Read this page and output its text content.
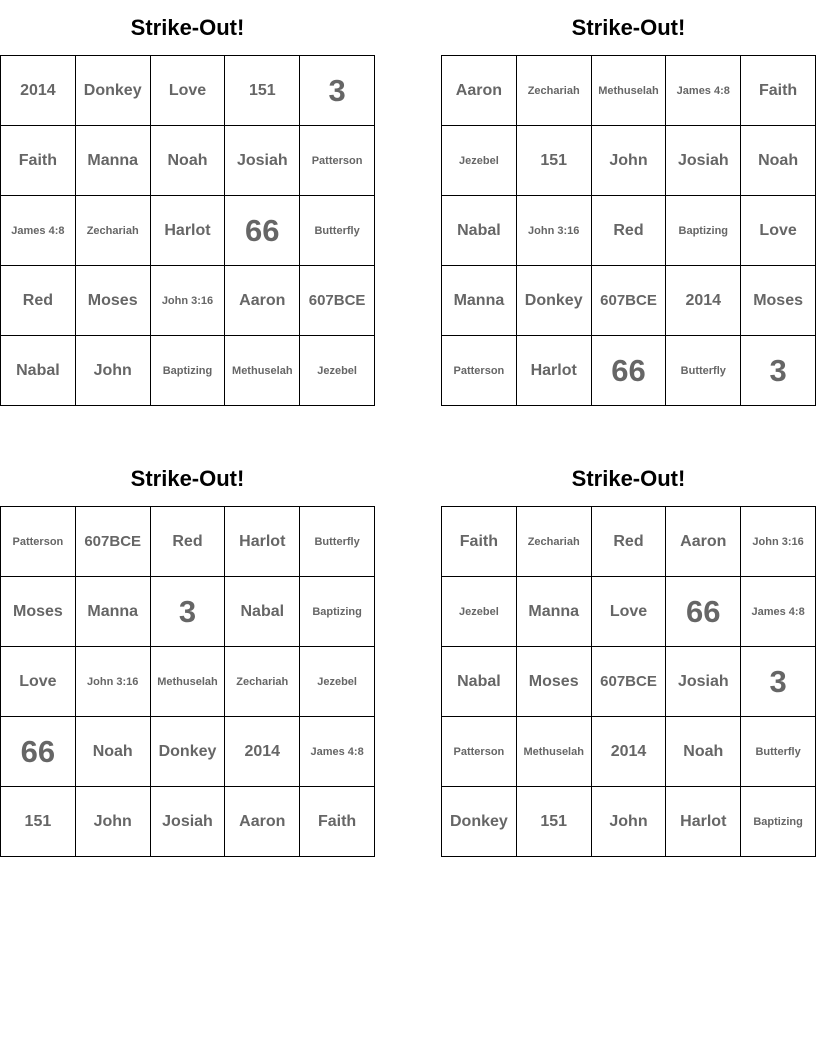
Strike-Out!
2014	Donkey	Love	151	3
Faith	Manna	Noah	Josiah	Patterson
James 4:8	Zechariah	Harlot	66	Butterfly
Red	Moses	John 3:16	Aaron	607BCE
Nabal	John	Baptizing	Methuselah	Jezebel
Strike-Out!
Aaron	Zechariah	Methuselah	James 4:8	Faith
Jezebel	151	John	Josiah	Noah
Nabal	John 3:16	Red	Baptizing	Love
Manna	Donkey	607BCE	2014	Moses
Patterson	Harlot	66	Butterfly	3
Strike-Out!
Patterson	607BCE	Red	Harlot	Butterfly
Moses	Manna	3	Nabal	Baptizing
Love	John 3:16	Methuselah	Zechariah	Jezebel
66	Noah	Donkey	2014	James 4:8
151	John	Josiah	Aaron	Faith
Strike-Out!
Faith	Zechariah	Red	Aaron	John 3:16
Jezebel	Manna	Love	66	James 4:8
Nabal	Moses	607BCE	Josiah	3
Patterson	Methuselah	2014	Noah	Butterfly
Donkey	151	John	Harlot	Baptizing
